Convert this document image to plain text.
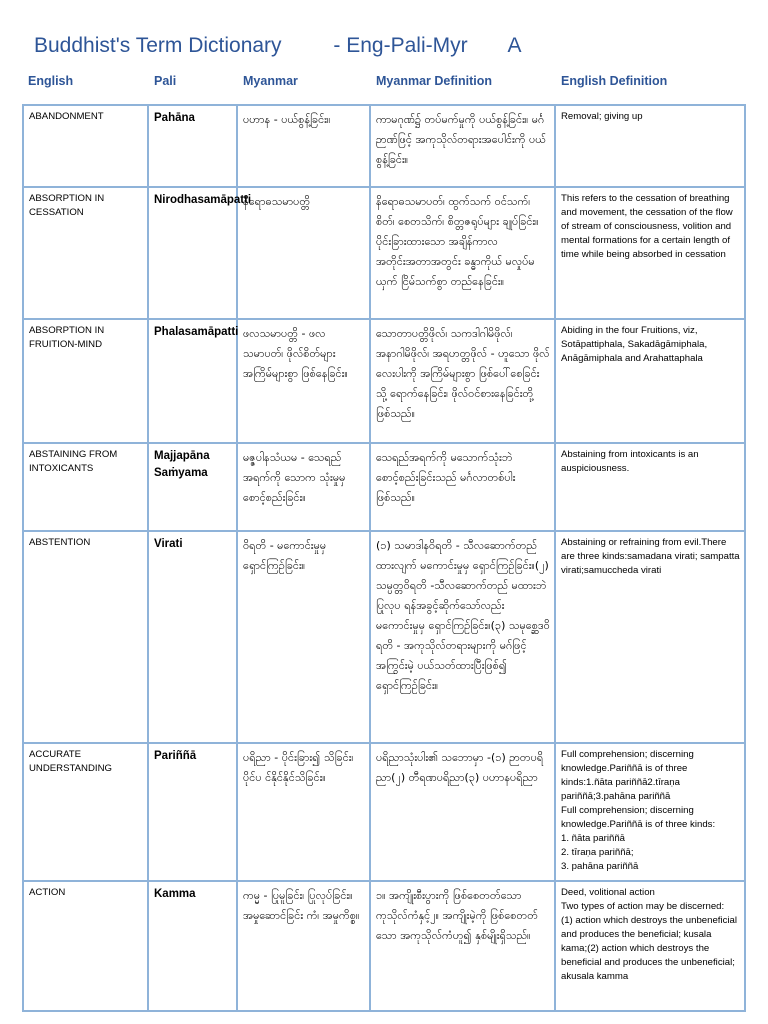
Buddhist's Term Dictionary - Eng-Pali-Myr A
English	Pali	Myanmar	Myanmar Definition	English Definition
ABANDONMENT	Pahāna	ပဟာန - ပယ်စွန့်ခြင်း။	ကာမဂုဏ်၌ တပ်မက်မှုကို ပယ်စွန့်ခြင်း။ မင်္ဂဉာဏ်ဖြင့် အကုသိုလ်တရားအပေါင်းကို ပယ်စွန့်ခြင်း။	Removal; giving up

ABSORPTION IN CESSATION	Nirodhasamāpatti	နိရောဓသမာပတ္တိ	နိရောဓသမာပတ်၊ ထွက်သက် ဝင်သက်၊ စိတ်၊ စေတသိက်၊ စိတ္တဇရုပ်များ ချုပ်ခြင်း။ ပိုင်းခြားထားသော အချိန်ကာလ အတိုင်းအတာအတွင်း ခန္ဓာကိုယ် မလှုပ်မယှက် ငြိမ်သက်စွာ တည်နေခြင်း။	This refers to the cessation of breathing and movement, the cessation of the flow of stream of consciousness, volition and mental formations for a certain length of time while being absorbed in cessation

ABSORPTION IN FRUITION-MIND	Phalasamāpatti	ဖလသမာပတ္တိ - ဖလသမာပတ်၊ ဖိုလ်စိတ်များ အကြိမ်များစွာ ဖြစ်နေခြင်း။	သောတာပတ္တိဖိုလ်၊ သကဒါဂါမိဖိုလ်၊ အနာဂါမိဖိုလ်၊ အရဟတ္တဖိုလ် - ဟူသော ဖိုလ်လေးပါးကို အကြိမ်များစွာ ဖြစ်ပေါ်စေခြင်းသို့ ရောက်နေခြင်း၊ ဖိုလ်ဝင်စားနေခြင်းတို့ဖြစ်သည်။	Abiding in the four Fruitions, viz, Sotāpattiphala, Sakadāgāmiphala, Anāgāmiphala and Arahattaphala

ABSTAINING FROM INTOXICANTS	Majjapāna Saṁyama	မဇ္ဇပါနသံယမ - သေရည်အရက်ကို သောက သုံးမှုမှစောင့်စည်းခြင်း။	သေရည်အရက်ကို မသောက်သုံးဘဲ စောင့်စည်းခြင်းသည် မင်္ဂလာတစ်ပါးဖြစ်သည်။	Abstaining from intoxicants is an auspiciousness.

ABSTENTION	Virati	ဝိရတိ - မကောင်းမှုမှ ရှောင်ကြဉ်ခြင်း။	(၁) သမာဒါနဝိရတိ - သီလဆောက်တည်ထားလျက် မကောင်းမှုမှ ရှောင်ကြဉ်ခြင်း။(၂) သမ္ပတ္တဝိရတိ -သီလဆောက်တည် မထားဘဲပြုလုပ ရန်အခွင့်ဆိုက်သော်လည်း မကောင်းမှုမှ ရှောင်ကြဉ်ခြင်း။(၃) သမုစ္ဆေဒဝိရတိ - အကုသိုလ်တရားများကို မဂ်ဖြင့် အကြွင်းမဲ့ ပယ်သတ်ထားပြီးဖြစ်၍ ရှောင်ကြဉ်ခြင်း။	Abstaining or refraining from evil.There are three kinds:samadana virati; sampatta virati;samuccheda virati

ACCURATE UNDERSTANDING	Pariññā	ပရိညာ - ပိုင်းခြား၍ သိခြင်း၊ ပိုင်ပ င်နိုင်နိုင်သိခြင်း။	ပရိညာသုံးပါး၏ သဘောမှာ -(၁) ဉာတပရိညာ(၂) တီရဏပရိညာ(၃) ပဟာနပရိညာ	Full comprehension; discerning knowledge.Pariññā is of three kinds:1.ñāta pariññā2.tīraṇa pariññā;3.pahāna pariññā
Full comprehension; discerning knowledge.Pariññā is of three kinds:
1. ñāta pariññā
2. tīraṇa pariññā;
3. pahāna pariññā

ACTION	Kamma	ကမ္မ - ပြုမူခြင်း၊ ပြုလုပ်ခြင်း။ အမှုဆောင်ခြင်း ကံ၊ အမှုကိစ္စ။	၁။ အကျိုးစီးပွားကို ဖြစ်စေတတ်သော ကုသိုလ်ကံနှင့်၂။ အကျိုးမဲ့ကို ဖြစ်စေတတ်သော အကုသိုလ်ကံဟူ၍ နှစ်မျိုးရှိသည်။	Deed, volitional action
Two types of action may be discerned:
(1) action which destroys the unbeneficial and produces the beneficial; kusala kama;(2) action which destroys the beneficial and produces the unbeneficial; akusala kamma
